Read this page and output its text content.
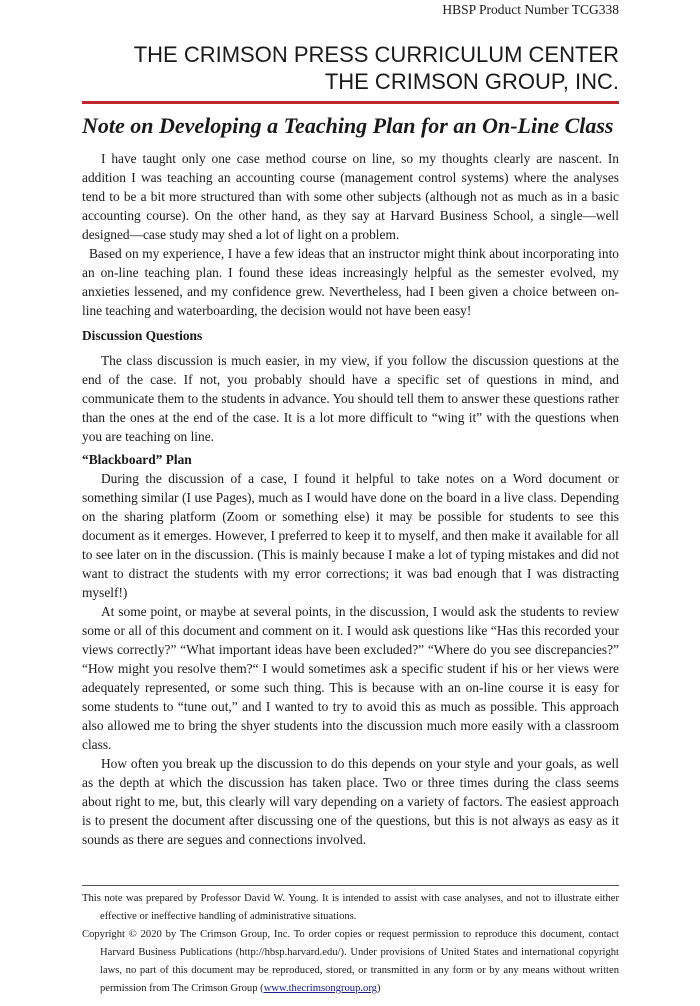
HBSP Product Number TCG338
THE CRIMSON PRESS CURRICULUM CENTER
THE CRIMSON GROUP, INC.
Note on Developing a Teaching Plan for an On-Line Class

I have taught only one case method course on line, so my thoughts clearly are nascent. In addition I was teaching an accounting course (management control systems) where the analyses tend to be a bit more structured than with some other subjects (although not as much as in a basic accounting course). On the other hand, as they say at Harvard Business School, a single—well designed—case study may shed a lot of light on a problem.

Based on my experience, I have a few ideas that an instructor might think about incorporating into an on-line teaching plan. I found these ideas increasingly helpful as the semester evolved, my anxieties lessened, and my confidence grew. Nevertheless, had I been given a choice between on-line teaching and waterboarding, the decision would not have been easy!

Discussion Questions

The class discussion is much easier, in my view, if you follow the discussion questions at the end of the case. If not, you probably should have a specific set of questions in mind, and communicate them to the students in advance. You should tell them to answer these questions rather than the ones at the end of the case. It is a lot more difficult to “wing it” with the questions when you are teaching on line.

“Blackboard” Plan

During the discussion of a case, I found it helpful to take notes on a Word document or something similar (I use Pages), much as I would have done on the board in a live class. Depending on the sharing platform (Zoom or something else) it may be possible for students to see this document as it emerges. However, I preferred to keep it to myself, and then make it available for all to see later on in the discussion. (This is mainly because I make a lot of typing mistakes and did not want to distract the students with my error corrections; it was bad enough that I was distracting myself!)

At some point, or maybe at several points, in the discussion, I would ask the students to review some or all of this document and comment on it. I would ask questions like “Has this recorded your views correctly?” “What important ideas have been excluded?” “Where do you see discrepancies?” “How might you resolve them?“ I would sometimes ask a specific student if his or her views were adequately represented, or some such thing. This is because with an on-line course it is easy for some students to “tune out,” and I wanted to try to avoid this as much as possible. This approach also allowed me to bring the shyer students into the discussion much more easily with a classroom class.

How often you break up the discussion to do this depends on your style and your goals, as well as the depth at which the discussion has taken place. Two or three times during the class seems about right to me, but, this clearly will vary depending on a variety of factors. The easiest approach is to present the document after discussing one of the questions, but this is not always as easy as it sounds as there are segues and connections involved.

This note was prepared by Professor David W. Young. It is intended to assist with case analyses, and not to illustrate either effective or ineffective handling of administrative situations.

Copyright © 2020 by The Crimson Group, Inc. To order copies or request permission to reproduce this document, contact Harvard Business Publications (http://hbsp.harvard.edu/). Under provisions of United States and international copyright laws, no part of this document may be reproduced, stored, or transmitted in any form or by any means without written permission from The Crimson Group (www.thecrimsongroup.org)
